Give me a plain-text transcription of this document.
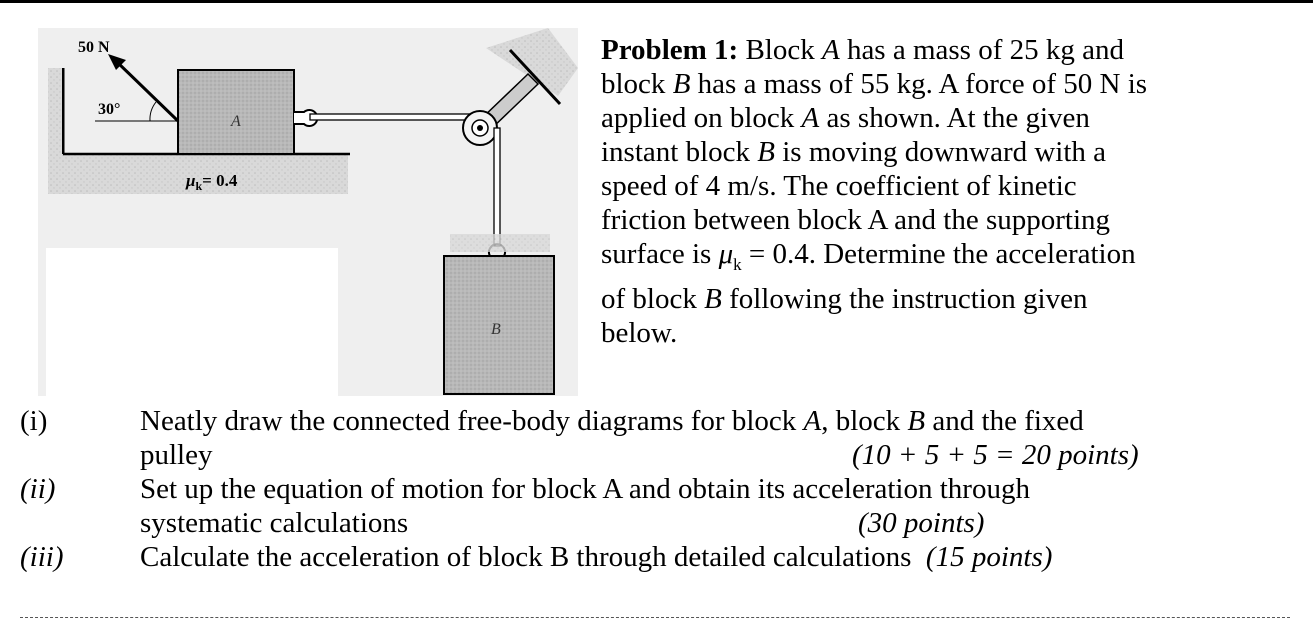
A
50 N
30°
$\mu_k= 0.4$
B
Problem 1: Block A has a mass of 25 kg and
block B has a mass of 55 kg. A force of 50 N is
applied on block A as shown. At the given
instant block B is moving downward with a
speed of 4 m/s. The coefficient of kinetic
friction between block A and the supporting
surface is $\mu_k = 0.4$. Determine the acceleration
of block B following the instruction given
below.
(i)	Neatly draw the connected free-body diagrams for block A, block B and the fixed
pulley	(10 + 5 + 5 = 20 points)
(ii)	Set up the equation of motion for block A and obtain its acceleration through
systematic calculations	(30 points)
(iii)	Calculate the acceleration of block B through detailed calculations (15 points)
